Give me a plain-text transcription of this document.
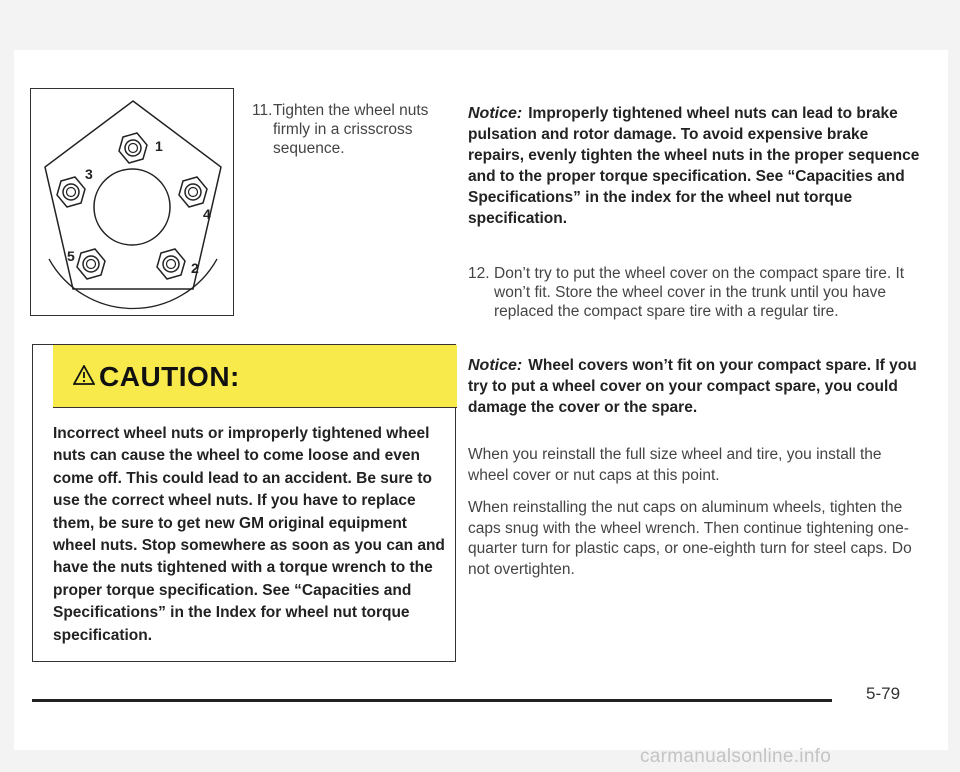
1
2
3
4
5
11. Tighten the wheel nuts firmly in a crisscross sequence.
CAUTION:
Incorrect wheel nuts or improperly tightened wheel nuts can cause the wheel to come loose and even come off. This could lead to an accident. Be sure to use the correct wheel nuts. If you have to replace them, be sure to get new GM original equipment wheel nuts. Stop somewhere as soon as you can and have the nuts tightened with a torque wrench to the proper torque specification. See “Capacities and Specifications” in the Index for wheel nut torque specification.
Notice: Improperly tightened wheel nuts can lead to brake pulsation and rotor damage. To avoid expensive brake repairs, evenly tighten the wheel nuts in the proper sequence and to the proper torque specification. See “Capacities and Specifications” in the index for the wheel nut torque specification.
12. Don’t try to put the wheel cover on the compact spare tire. It won’t fit. Store the wheel cover in the trunk until you have replaced the compact spare tire with a regular tire.
Notice: Wheel covers won’t fit on your compact spare. If you try to put a wheel cover on your compact spare, you could damage the cover or the spare.
When you reinstall the full size wheel and tire, you install the wheel cover or nut caps at this point.
When reinstalling the nut caps on aluminum wheels, tighten the caps snug with the wheel wrench. Then continue tightening one-quarter turn for plastic caps, or one-eighth turn for steel caps. Do not overtighten.
5-79
carmanualsonline.info
